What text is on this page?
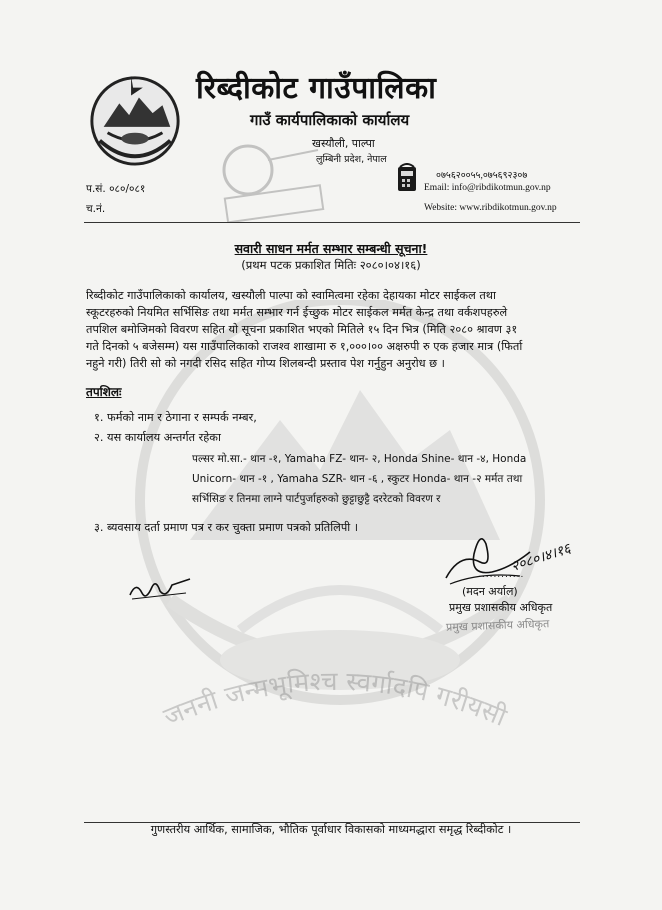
रिब्दीकोट गाउँपालिका
गाउँ कार्यपालिकाको कार्यालय
खस्यौली, पाल्पा
लुम्बिनी प्रदेश, नेपाल
०७५६२००५५,०७५६९२३०७
Email: info@ribdikotmun.gov.np
Website: www.ribdikotmun.gov.np
प.सं. ०८०/०८१
च.नं.
सवारी साधन मर्मत सम्भार सम्बन्धी सूचना!
(प्रथम पटक प्रकाशित मितिः २०८०।०४।१६)
रिब्दीकोट गाउँपालिकाको कार्यालय, खस्यौली पाल्पा को स्वामित्वमा रहेका देहायका मोटर साईकल तथा
स्कूटरहरुको नियमित सर्भिसिङ तथा मर्मत सम्भार गर्न ईच्छुक मोटर साईकल मर्मत केन्द्र तथा वर्कशपहरुले
तपशिल बमोजिमको विवरण सहित यो सूचना प्रकाशित भएको मितिले १५ दिन भित्र (मिति २०८० श्रावण ३१
गते दिनको ५ बजेसम्म) यस गाउँपालिकाको राजश्व शाखामा रु १,०००।०० अक्षरुपी रु एक हजार मात्र (फिर्ता
नहुने गरी) तिरी सो को नगदी रसिद सहित गोप्य शिलबन्दी प्रस्ताव पेश गर्नुहुन अनुरोध छ ।
तपशिलः
१. फर्मको नाम र ठेगाना र सम्पर्क नम्बर,
२. यस कार्यालय अन्तर्गत रहेका
पल्सर मो.सा.- थान -१, Yamaha FZ- थान- २, Honda Shine- थान -४, Honda
Unicorn- थान -१ , Yamaha SZR- थान -६ , स्कुटर Honda- थान -२ मर्मत तथा
सर्भिसिङ र तिनमा लाग्ने पार्टपुर्जाहरुको छुट्टाछुट्टै दररेटको विवरण र
३. ब्यवसाय दर्ता प्रमाण पत्र र कर चुक्ता प्रमाण पत्रको प्रतिलिपी ।
२०८०।४।१६
............
(मदन अर्याल)
प्रमुख प्रशासकीय अधिकृत
प्रमुख प्रशासकीय अधिकृत
जननी जन्मभूमिश्च स्वर्गादपि गरीयसी
गुणस्तरीय आर्थिक, सामाजिक, भौतिक पूर्वाधार विकासको माध्यमद्धारा समृद्ध रिब्दीकोट ।
